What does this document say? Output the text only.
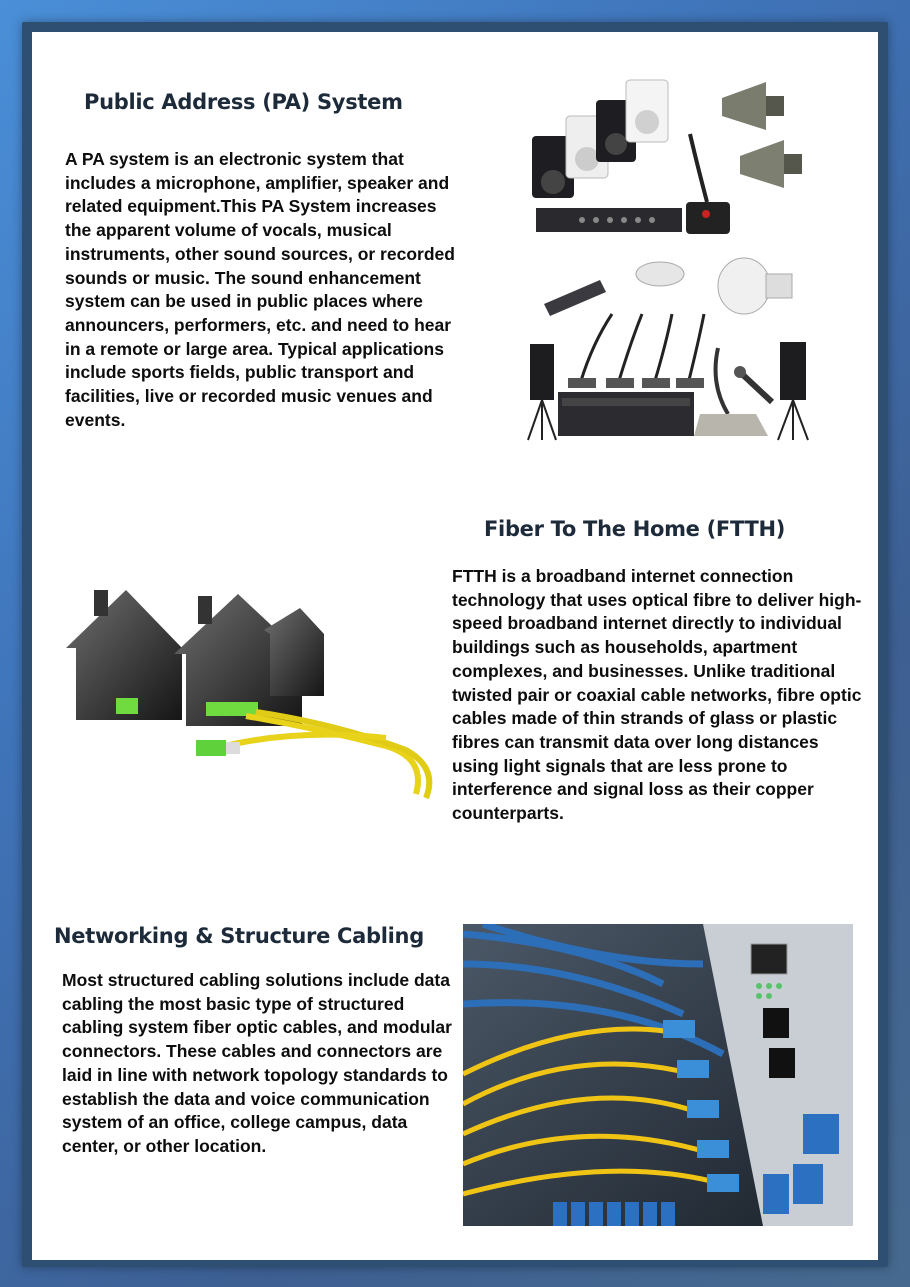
Public Address (PA) System
A PA system is an electronic system that includes a microphone, amplifier, speaker and related equipment.This PA System increases the apparent volume of vocals, musical instruments, other sound sources, or recorded sounds or music. The sound enhancement system can be used in public places where announcers, performers, etc. and need to hear in a remote or large area. Typical applications include sports fields, public transport and facilities, live or recorded music venues and events.
Fiber To The Home (FTTH)
FTTH is a broadband internet connection technology that uses optical fibre to deliver high-speed broadband internet directly to individual buildings such as households, apartment complexes, and businesses. Unlike traditional twisted pair or coaxial cable networks, fibre optic cables made of thin strands of glass or plastic fibres can transmit data over long distances using light signals that are less prone to interference and signal loss as their copper counterparts.
Networking & Structure Cabling
Most structured cabling solutions include data cabling the most basic type of structured cabling system fiber optic cables, and modular connectors. These cables and connectors are laid in line with network topology standards to establish the data and voice communication system of an office, college campus, data center, or other location.
